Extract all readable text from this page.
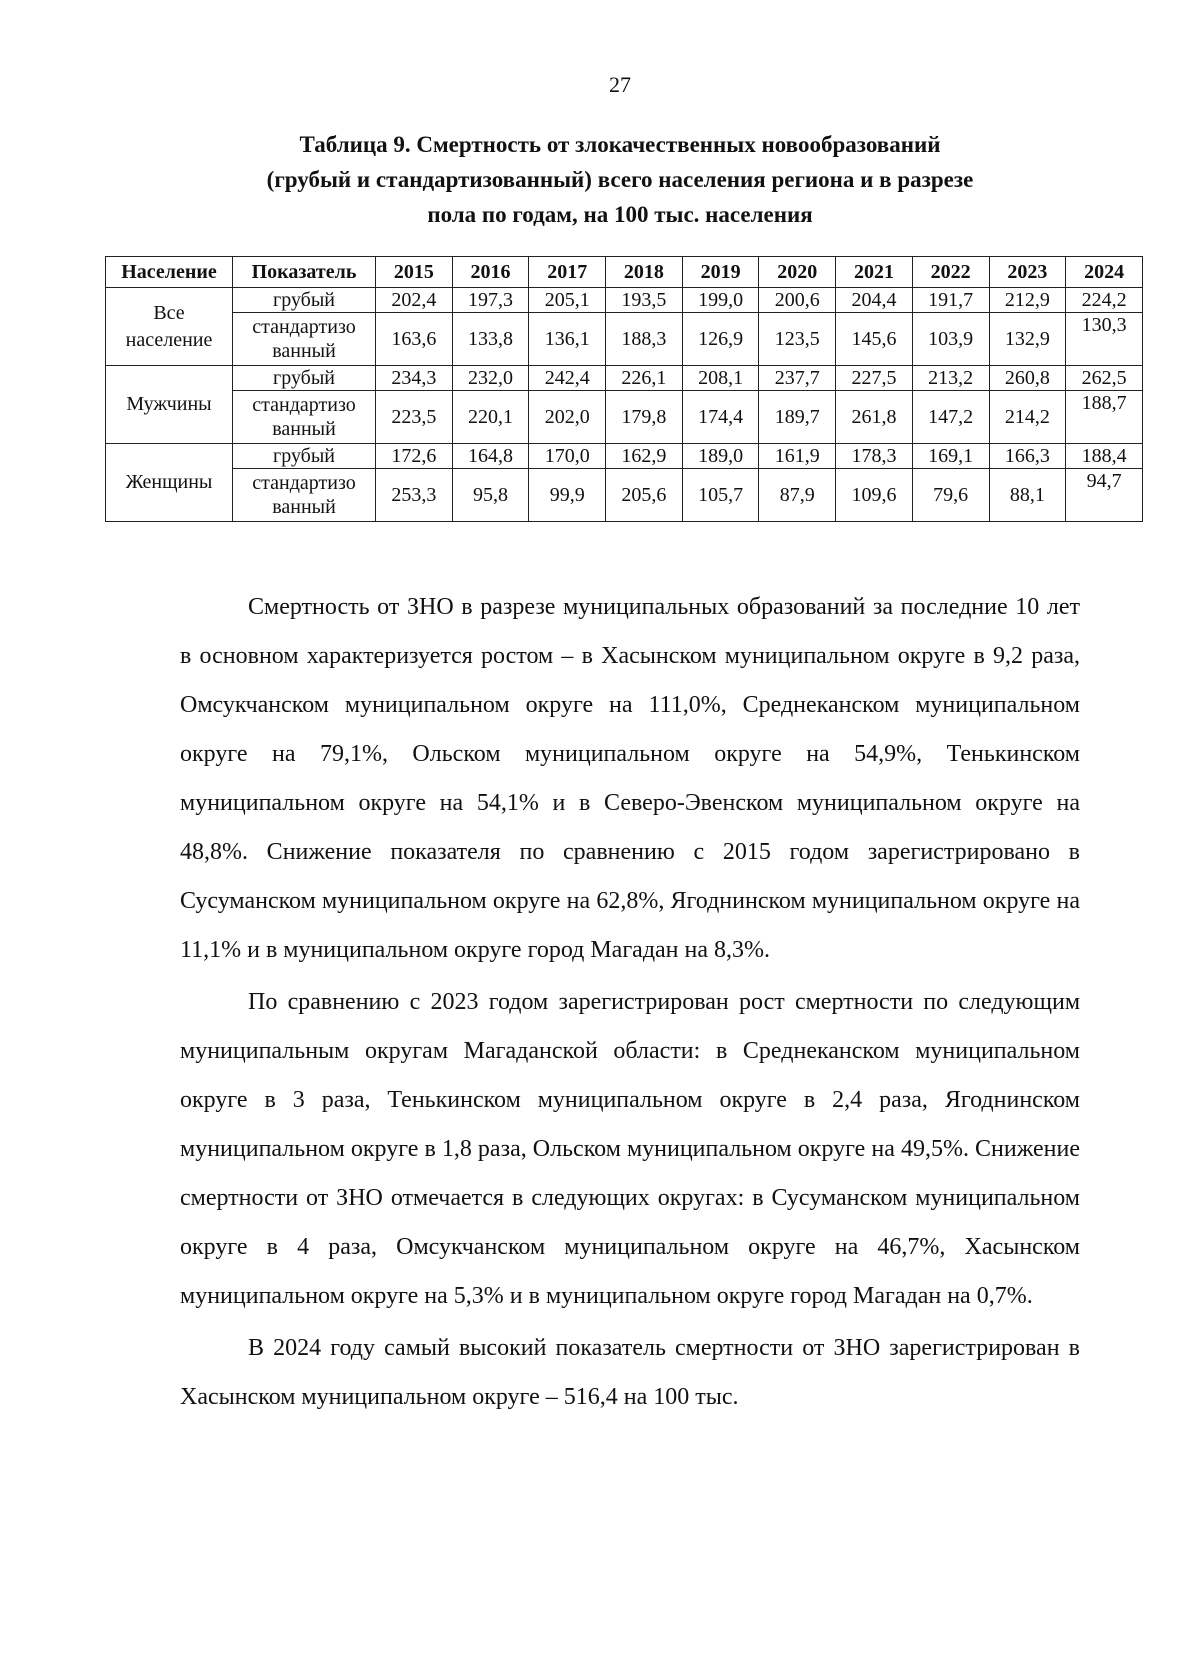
27
Таблица 9. Смертность от злокачественных новообразований
(грубый и стандартизованный) всего населения региона и в разрезе
пола по годам, на 100 тыс. населения
Население	Показатель	2015	2016	2017	2018	2019	2020	2021	2022	2023	2024
Все население	грубый	202,4	197,3	205,1	193,5	199,0	200,6	204,4	191,7	212,9	224,2
	стандартизо ванный	163,6	133,8	136,1	188,3	126,9	123,5	145,6	103,9	132,9	130,3
Мужчины	грубый	234,3	232,0	242,4	226,1	208,1	237,7	227,5	213,2	260,8	262,5
	стандартизо ванный	223,5	220,1	202,0	179,8	174,4	189,7	261,8	147,2	214,2	188,7
Женщины	грубый	172,6	164,8	170,0	162,9	189,0	161,9	178,3	169,1	166,3	188,4
	стандартизо ванный	253,3	95,8	99,9	205,6	105,7	87,9	109,6	79,6	88,1	94,7

Смертность от ЗНО в разрезе муниципальных образований за последние 10 лет в основном характеризуется ростом – в Хасынском муниципальном округе в 9,2 раза, Омсукчанском муниципальном округе на 111,0%, Среднеканском муниципальном округе на 79,1%, Ольском муниципальном округе на 54,9%, Тенькинском муниципальном округе на 54,1% и в Северо-Эвенском муниципальном округе на 48,8%. Снижение показателя по сравнению с 2015 годом зарегистрировано в Сусуманском муниципальном округе на 62,8%, Ягоднинском муниципальном округе на 11,1% и в муниципальном округе город Магадан на 8,3%.

По сравнению с 2023 годом зарегистрирован рост смертности по следующим муниципальным округам Магаданской области: в Среднеканском муниципальном округе в 3 раза, Тенькинском муниципальном округе в 2,4 раза, Ягоднинском муниципальном округе в 1,8 раза, Ольском муниципальном округе на 49,5%. Снижение смертности от ЗНО отмечается в следующих округах: в Сусуманском муниципальном округе в 4 раза, Омсукчанском муниципальном округе на 46,7%, Хасынском муниципальном округе на 5,3% и в муниципальном округе город Магадан на 0,7%.

В 2024 году самый высокий показатель смертности от ЗНО зарегистрирован в Хасынском муниципальном округе – 516,4 на 100 тыс.
